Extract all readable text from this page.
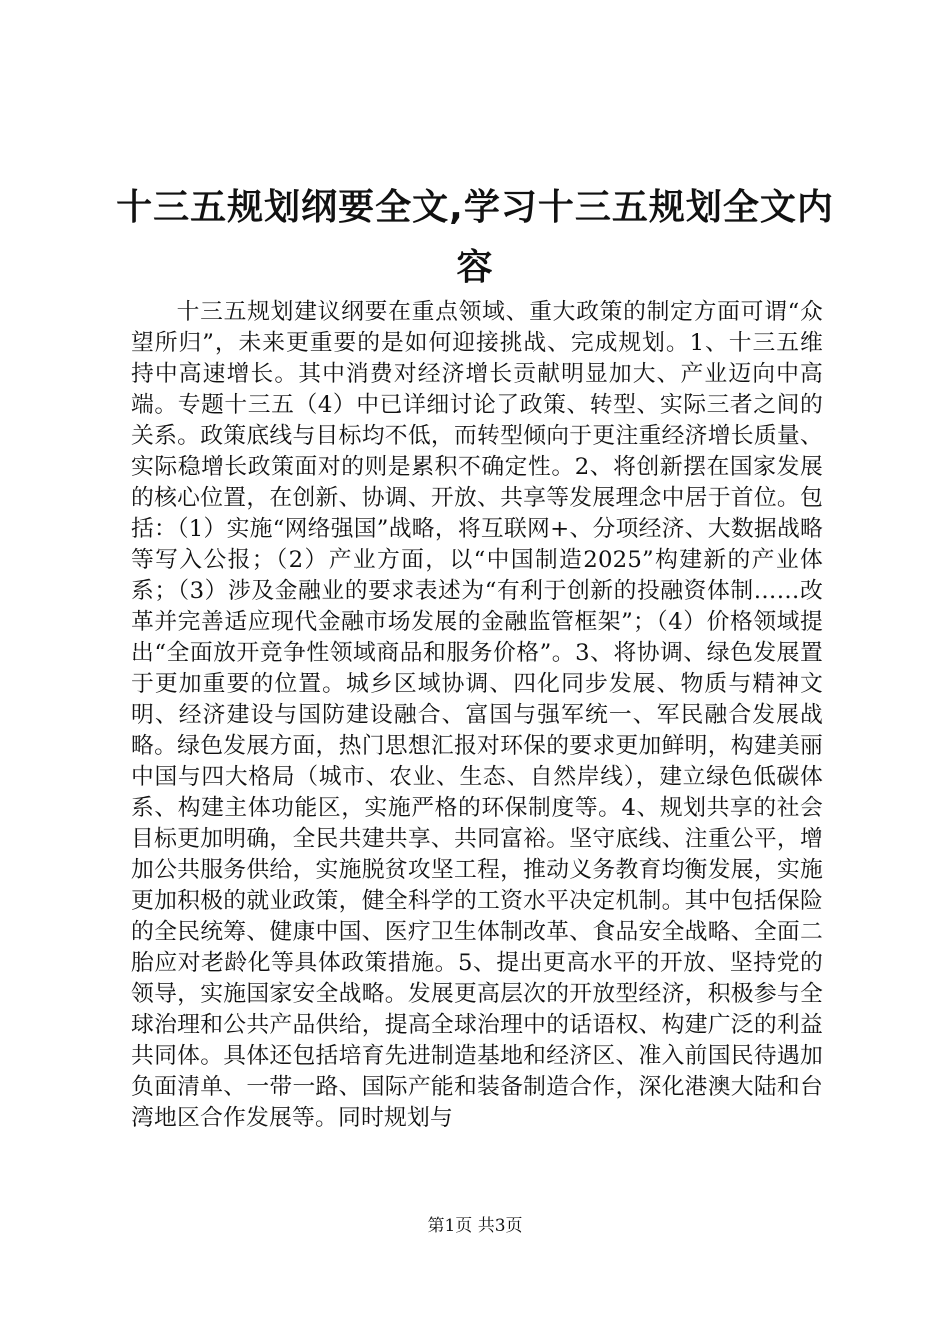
十三五规划纲要全文,学习十三五规划全文内容

十三五规划建议纲要在重点领域、重大政策的制定方面可谓“众望所归”，未来更重要的是如何迎接挑战、完成规划。1、十三五维持中高速增长。其中消费对经济增长贡献明显加大、产业迈向中高端。专题十三五（4）中已详细讨论了政策、转型、实际三者之间的关系。政策底线与目标均不低，而转型倾向于更注重经济增长质量、实际稳增长政策面对的则是累积不确定性。2、将创新摆在国家发展的核心位置，在创新、协调、开放、共享等发展理念中居于首位。包括：（1）实施“网络强国”战略，将互联网+、分项经济、大数据战略等写入公报；（2）产业方面，以“中国制造2025”构建新的产业体系；（3）涉及金融业的要求表述为“有利于创新的投融资体制……改革并完善适应现代金融市场发展的金融监管框架”；（4）价格领域提出“全面放开竞争性领域商品和服务价格”。3、将协调、绿色发展置于更加重要的位置。城乡区域协调、四化同步发展、物质与精神文明、经济建设与国防建设融合、富国与强军统一、军民融合发展战略。绿色发展方面，热门思想汇报对环保的要求更加鲜明，构建美丽中国与四大格局（城市、农业、生态、自然岸线），建立绿色低碳体系、构建主体功能区，实施严格的环保制度等。4、规划共享的社会目标更加明确，全民共建共享、共同富裕。坚守底线、注重公平，增加公共服务供给，实施脱贫攻坚工程，推动义务教育均衡发展，实施更加积极的就业政策，健全科学的工资水平决定机制。其中包括保险的全民统筹、健康中国、医疗卫生体制改革、食品安全战略、全面二胎应对老龄化等具体政策措施。5、提出更高水平的开放、坚持党的领导，实施国家安全战略。发展更高层次的开放型经济，积极参与全球治理和公共产品供给，提高全球治理中的话语权、构建广泛的利益共同体。具体还包括培育先进制造基地和经济区、准入前国民待遇加负面清单、一带一路、国际产能和装备制造合作，深化港澳大陆和台湾地区合作发展等。同时规划与

第1页 共3页
